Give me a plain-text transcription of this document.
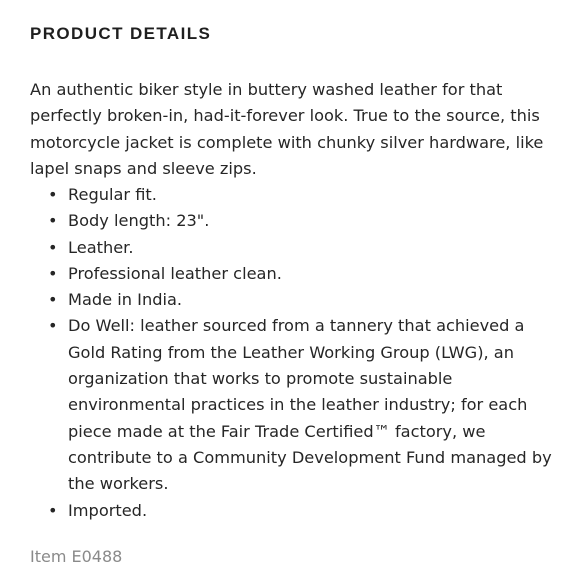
PRODUCT DETAILS

An authentic biker style in buttery washed leather for that perfectly broken-in, had-it-forever look. True to the source, this motorcycle jacket is complete with chunky silver hardware, like lapel snaps and sleeve zips.

• Regular fit.
• Body length: 23".
• Leather.
• Professional leather clean.
• Made in India.
• Do Well: leather sourced from a tannery that achieved a Gold Rating from the Leather Working Group (LWG), an organization that works to promote sustainable environmental practices in the leather industry; for each piece made at the Fair Trade Certified™ factory, we contribute to a Community Development Fund managed by the workers.
• Imported.

Item E0488
